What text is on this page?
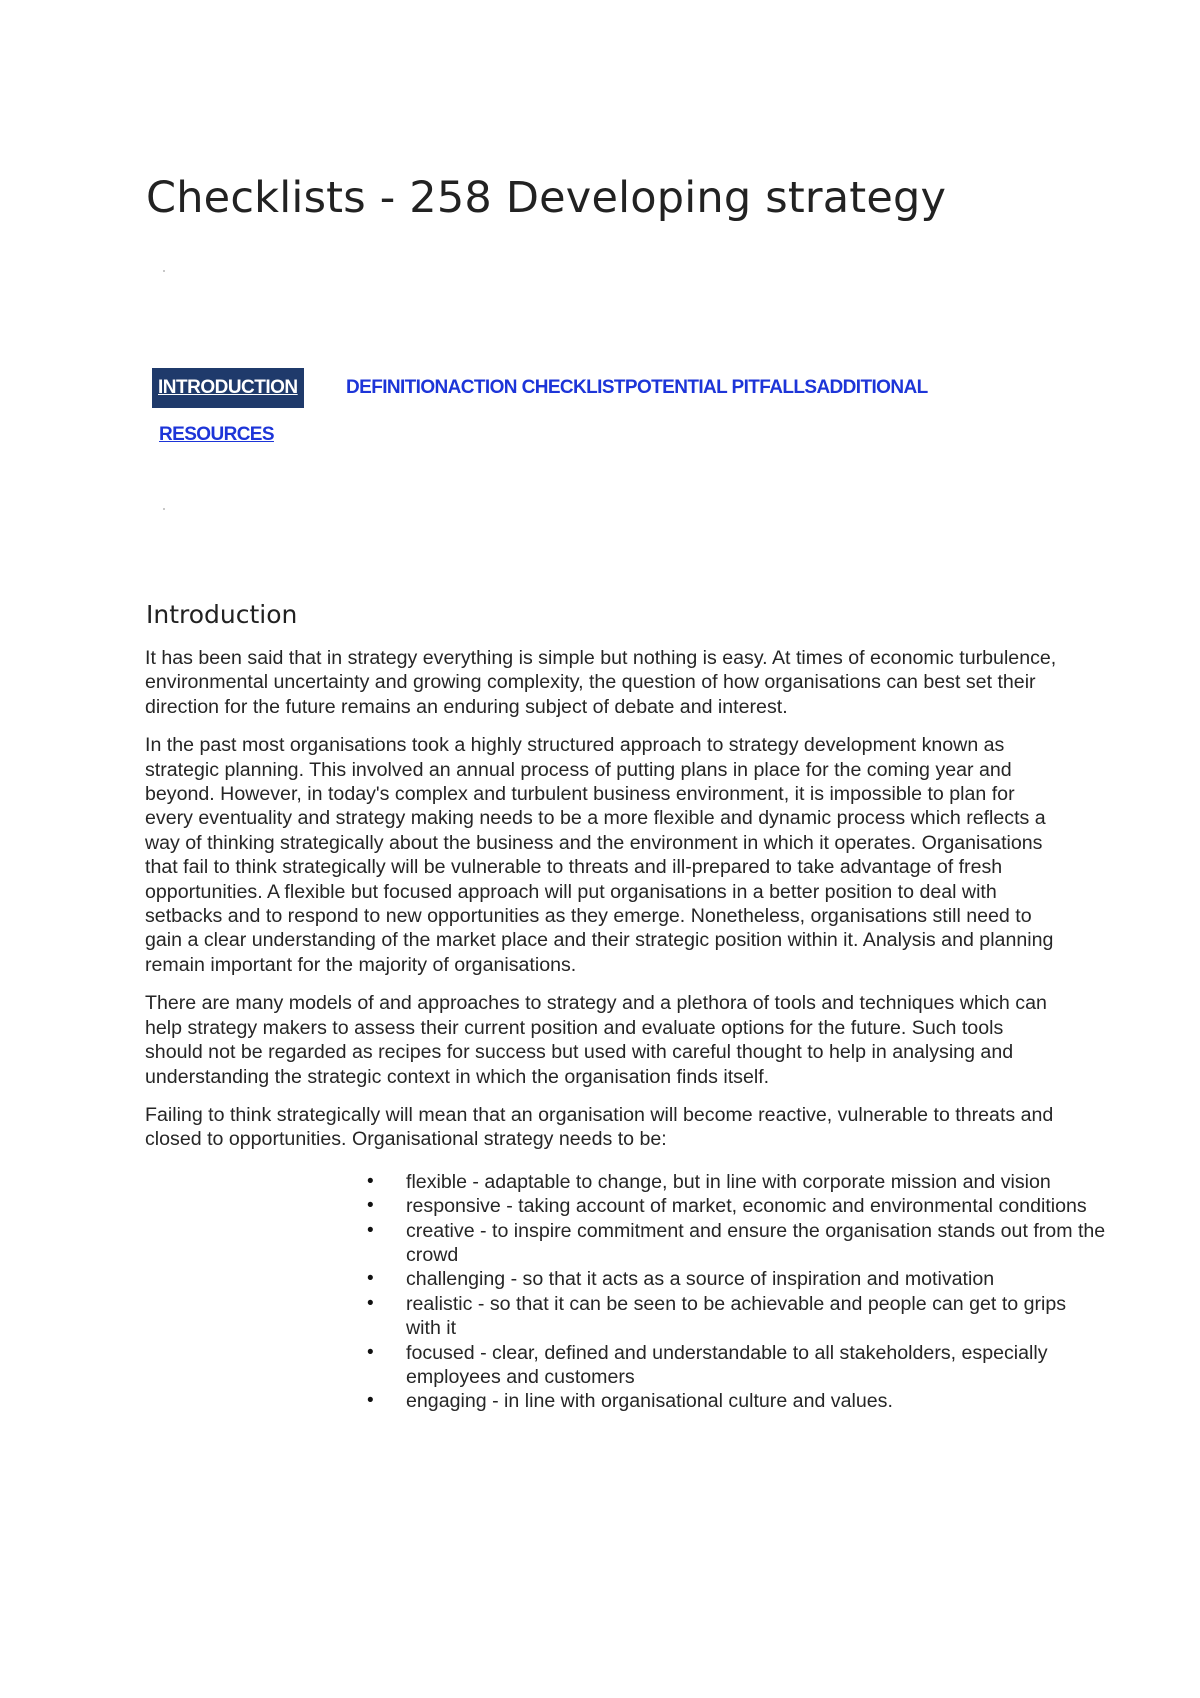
Checklists - 258 Developing strategy
INTRODUCTION	DEFINITIONACTION CHECKLISTPOTENTIAL PITFALLSADDITIONAL
RESOURCES
Introduction

It has been said that in strategy everything is simple but nothing is easy. At times of economic turbulence, environmental uncertainty and growing complexity, the question of how organisations can best set their direction for the future remains an enduring subject of debate and interest.

In the past most organisations took a highly structured approach to strategy development known as strategic planning. This involved an annual process of putting plans in place for the coming year and beyond. However, in today's complex and turbulent business environment, it is impossible to plan for every eventuality and strategy making needs to be a more flexible and dynamic process which reflects a way of thinking strategically about the business and the environment in which it operates. Organisations that fail to think strategically will be vulnerable to threats and ill-prepared to take advantage of fresh opportunities. A flexible but focused approach will put organisations in a better position to deal with setbacks and to respond to new opportunities as they emerge. Nonetheless, organisations still need to gain a clear understanding of the market place and their strategic position within it. Analysis and planning remain important for the majority of organisations.

There are many models of and approaches to strategy and a plethora of tools and techniques which can help strategy makers to assess their current position and evaluate options for the future. Such tools should not be regarded as recipes for success but used with careful thought to help in analysing and understanding the strategic context in which the organisation finds itself.

Failing to think strategically will mean that an organisation will become reactive, vulnerable to threats and closed to opportunities. Organisational strategy needs to be:

• flexible - adaptable to change, but in line with corporate mission and vision
• responsive - taking account of market, economic and environmental conditions
• creative - to inspire commitment and ensure the organisation stands out from the crowd
• challenging - so that it acts as a source of inspiration and motivation
• realistic - so that it can be seen to be achievable and people can get to grips with it
• focused - clear, defined and understandable to all stakeholders, especially employees and customers
• engaging - in line with organisational culture and values.
